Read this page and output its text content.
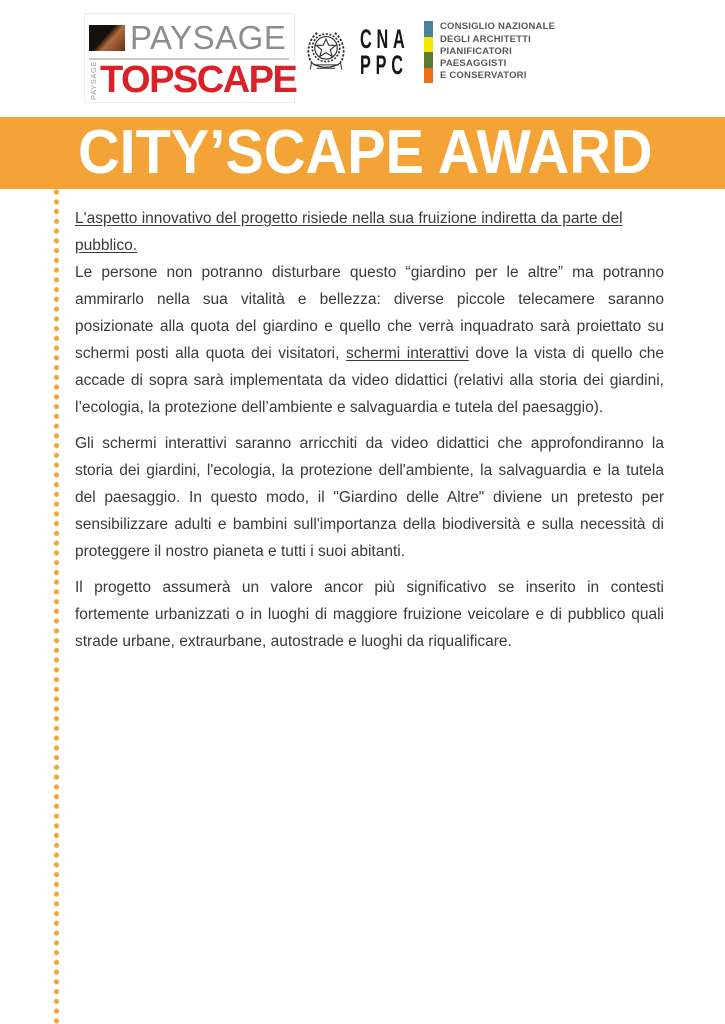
PAYSAGE
PAYSAGE TOPSCAPE
CNA
PPC
CONSIGLIO NAZIONALE
DEGLI ARCHITETTI
PIANIFICATORI
PAESAGGISTI
E CONSERVATORI
CITY’SCAPE AWARD

L'aspetto innovativo del progetto risiede nella sua fruizione indiretta da parte del pubblico.

Le persone non potranno disturbare questo “giardino per le altre” ma potranno ammirarlo nella sua vitalità e bellezza: diverse piccole telecamere saranno posizionate alla quota del giardino e quello che verrà inquadrato sarà proiettato su schermi posti alla quota dei visitatori, schermi interattivi dove la vista di quello che accade di sopra sarà implementata da video didattici (relativi alla storia dei giardini, l’ecologia, la protezione dell’ambiente e salvaguardia e tutela del paesaggio).

Gli schermi interattivi saranno arricchiti da video didattici che approfondiranno la storia dei giardini, l'ecologia, la protezione dell'ambiente, la salvaguardia e la tutela del paesaggio. In questo modo, il "Giardino delle Altre" diviene un pretesto per sensibilizzare adulti e bambini sull'importanza della biodiversità e sulla necessità di proteggere il nostro pianeta e tutti i suoi abitanti.

Il progetto assumerà un valore ancor più significativo se inserito in contesti fortemente urbanizzati o in luoghi di maggiore fruizione veicolare e di pubblico quali strade urbane, extraurbane, autostrade e luoghi da riqualificare.
